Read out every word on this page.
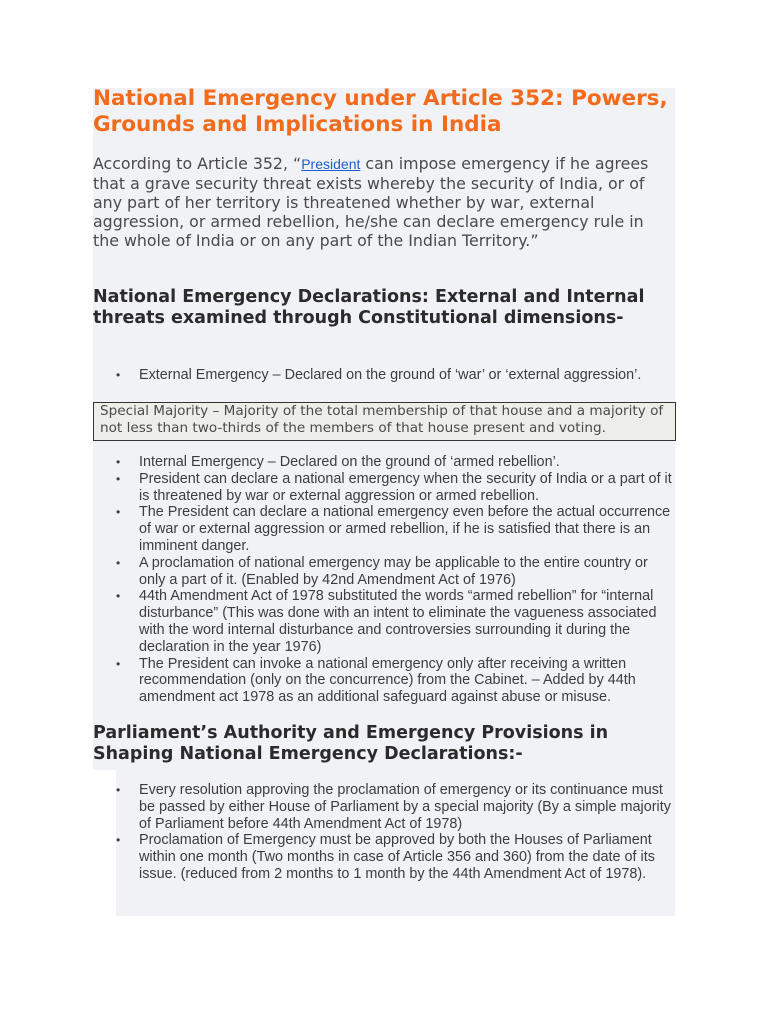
National Emergency under Article 352: Powers, Grounds and Implications in India

According to Article 352, “President can impose emergency if he agrees that a grave security threat exists whereby the security of India, or of any part of her territory is threatened whether by war, external aggression, or armed rebellion, he/she can declare emergency rule in the whole of India or on any part of the Indian Territory.”

National Emergency Declarations: External and Internal threats examined through Constitutional dimensions-
•	External Emergency – Declared on the ground of ‘war’ or ‘external aggression’.
Special Majority – Majority of the total membership of that house and a majority of not less than two-thirds of the members of that house present and voting.
•	Internal Emergency – Declared on the ground of ‘armed rebellion’.
•	President can declare a national emergency when the security of India or a part of it is threatened by war or external aggression or armed rebellion.
•	The President can declare a national emergency even before the actual occurrence of war or external aggression or armed rebellion, if he is satisfied that there is an imminent danger.
•	A proclamation of national emergency may be applicable to the entire country or only a part of it. (Enabled by 42nd Amendment Act of 1976)
•	44th Amendment Act of 1978 substituted the words “armed rebellion” for “internal disturbance” (This was done with an intent to eliminate the vagueness associated with the word internal disturbance and controversies surrounding it during the declaration in the year 1976)
•	The President can invoke a national emergency only after receiving a written recommendation (only on the concurrence) from the Cabinet. – Added by 44th amendment act 1978 as an additional safeguard against abuse or misuse.
Parliament’s Authority and Emergency Provisions in Shaping National Emergency Declarations:-
•	Every resolution approving the proclamation of emergency or its continuance must be passed by either House of Parliament by a special majority (By a simple majority of Parliament before 44th Amendment Act of 1978)
•	Proclamation of Emergency must be approved by both the Houses of Parliament within one month (Two months in case of Article 356 and 360) from the date of its issue. (reduced from 2 months to 1 month by the 44th Amendment Act of 1978).
